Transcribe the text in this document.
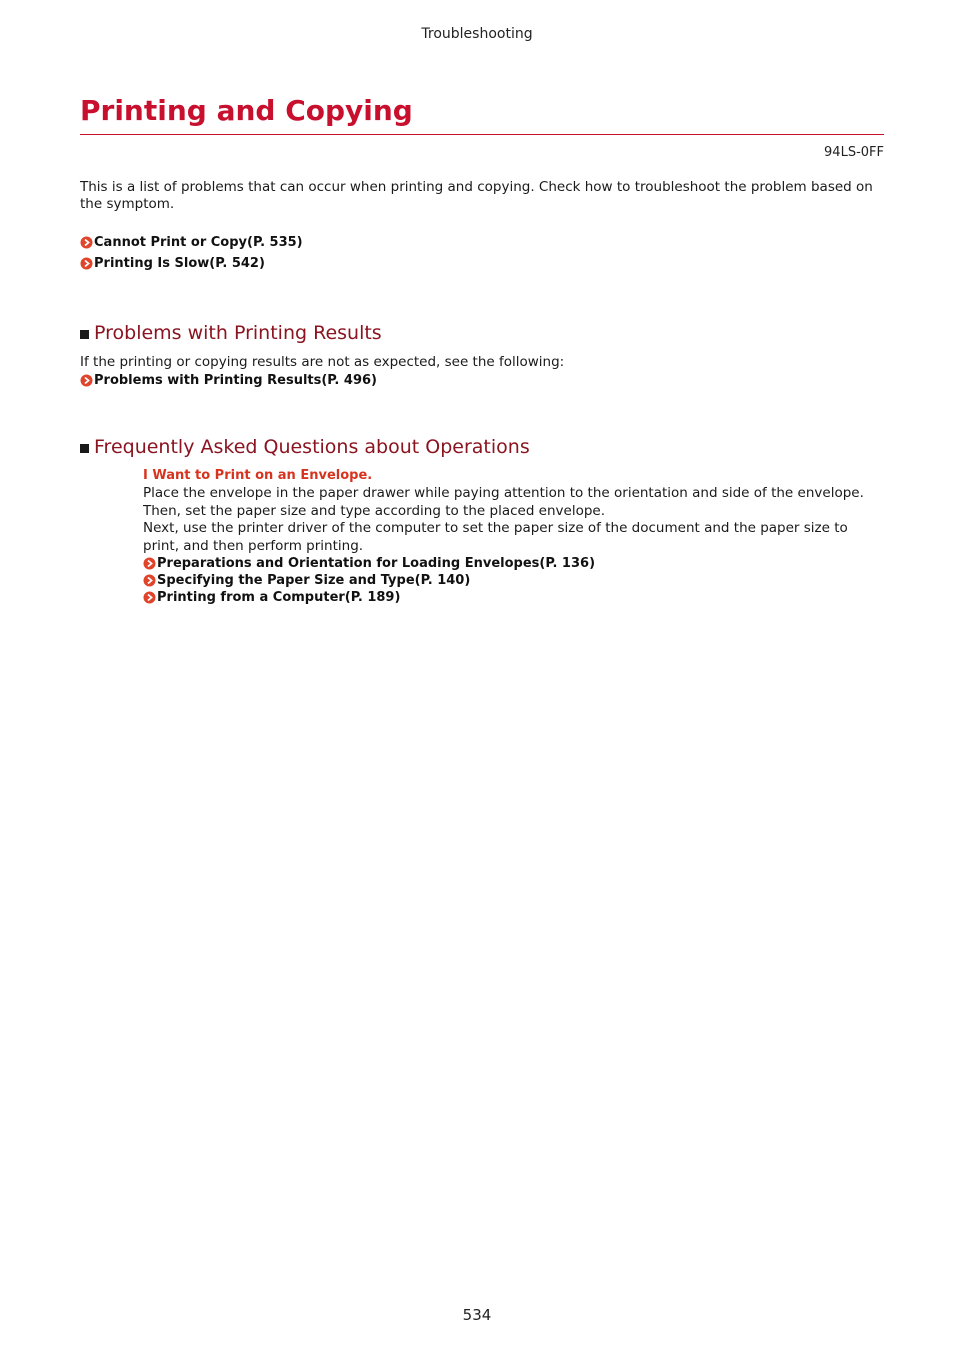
Troubleshooting
Printing and Copying
94LS-0FF

This is a list of problems that can occur when printing and copying. Check how to troubleshoot the problem based on the symptom.

Cannot Print or Copy(P. 535)
Printing Is Slow(P. 542)
Problems with Printing Results

If the printing or copying results are not as expected, see the following:

Problems with Printing Results(P. 496)
Frequently Asked Questions about Operations
I Want to Print on an Envelope.

Place the envelope in the paper drawer while paying attention to the orientation and side of the envelope. Then, set the paper size and type according to the placed envelope.

Next, use the printer driver of the computer to set the paper size of the document and the paper size to print, and then perform printing.

Preparations and Orientation for Loading Envelopes(P. 136)
Specifying the Paper Size and Type(P. 140)
Printing from a Computer(P. 189)
534
